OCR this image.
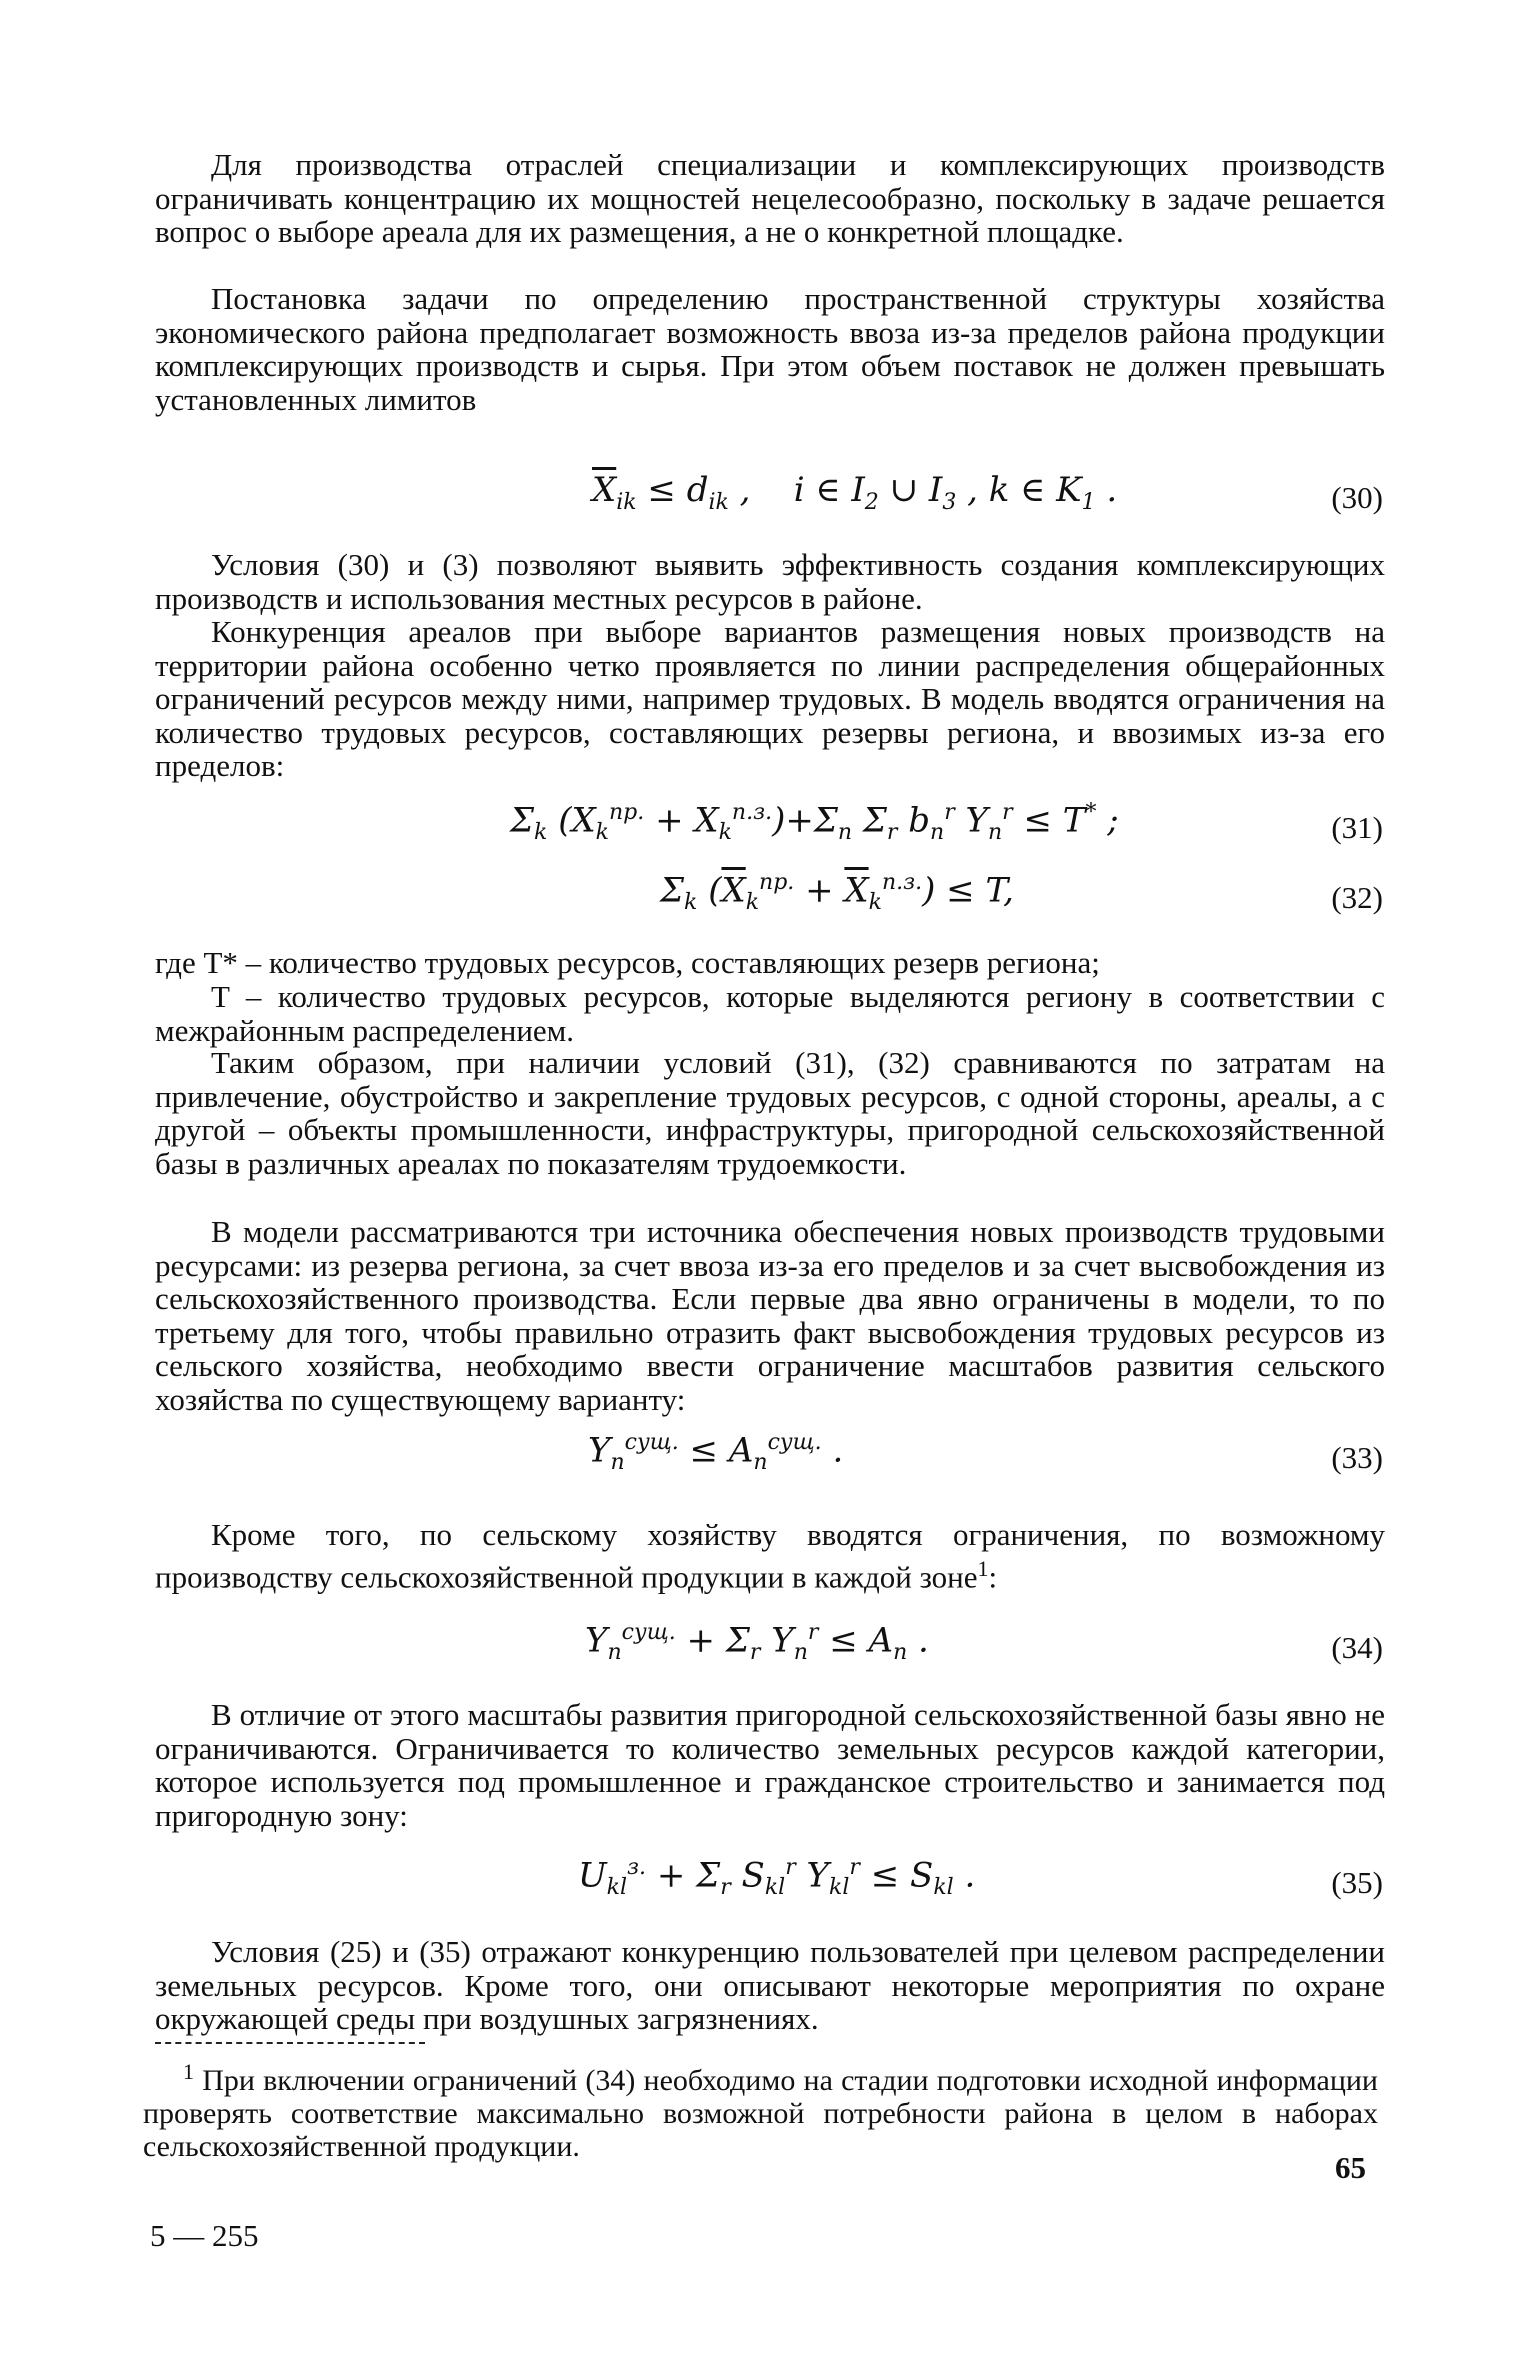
Для производства отраслей специализации и комплексирующих производств ограничивать концентрацию их мощностей нецелесообразно, поскольку в задаче решается вопрос о выборе ареала для их размещения, а не о конкретной площадке.

Постановка задачи по определению пространственной структуры хозяйства экономического района предполагает возможность ввоза из-за пределов района продукции комплексирующих производств и сырья. При этом объем поставок не должен превышать установленных лимитов

$\overline{X}_{ik} \le d_{ik}$ ,    i ∈ $I_2$ ∪ $I_3$ , k ∈ $K_1$ .	(30)

Условия (30) и (3) позволяют выявить эффективность создания комплексирующих производств и использования местных ресурсов в районе.

Конкуренция ареалов при выборе вариантов размещения новых производств на территории района особенно четко проявляется по линии распределения общерайонных ограничений ресурсов между ними, например трудовых. В модель вводятся ограничения на количество трудовых ресурсов, составляющих резервы региона, и ввозимых из-за его пределов:

$\Sigma_k$ $(X_k^{пр.} + X_k^{п.з.})+\Sigma_n$ $\Sigma_r$ $b_n^r$ $Y_n^r \le T^*$ ;	(31)
$\Sigma_k$ $(\overline{X}_k^{пр.} + \overline{X}_k^{п.з.}) \le T$,	(32)

где T* – количество трудовых ресурсов, составляющих резерв региона;

T – количество трудовых ресурсов, которые выделяются региону в соответствии с межрайонным распределением.

Таким образом, при наличии условий (31), (32) сравниваются по затратам на привлечение, обустройство и закрепление трудовых ресурсов, с одной стороны, ареалы, а с другой – объекты промышленности, инфраструктуры, пригородной сельскохозяйственной базы в различных ареалах по показателям трудоемкости.

В модели рассматриваются три источника обеспечения новых производств трудовыми ресурсами: из резерва региона, за счет ввоза из-за его пределов и за счет высвобождения из сельскохозяйственного производства. Если первые два явно ограничены в модели, то по третьему для того, чтобы правильно отразить факт высвобождения трудовых ресурсов из сельского хозяйства, необходимо ввести ограничение масштабов развития сельского хозяйства по существующему варианту:

$Y_n^{сущ.} \le A_n^{сущ.}$ .	(33)

Кроме того, по сельскому хозяйству вводятся ограничения, по возможному производству сельскохозяйственной продукции в каждой зоне$^1$:

$Y_n^{сущ.} + \Sigma_r$ $Y_n^r \le A_n$ .	(34)

В отличие от этого масштабы развития пригородной сельскохозяйственной базы явно не ограничиваются. Ограничивается то количество земельных ресурсов каждой категории, которое используется под промышленное и гражданское строительство и занимается под пригородную зону:

$U_{kl}^{з.} + \Sigma_r$ $S_{kl}^r$ $Y_{kl}^r \le S_{kl}$ .	(35)

Условия (25) и (35) отражают конкуренцию пользователей при целевом распределении земельных ресурсов. Кроме того, они описывают некоторые мероприятия по охране окружающей среды при воздушных загрязнениях.

$^1$ При включении ограничений (34) необходимо на стадии подготовки исходной информации проверять соответствие максимально возможной потребности района в целом в наборах сельскохозяйственной продукции.

65
5 — 255
